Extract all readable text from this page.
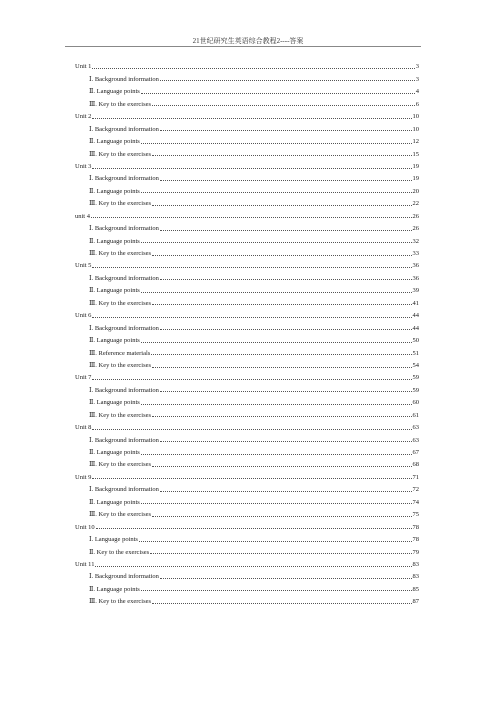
21世纪研究生英语综合教程2----答案
Unit 1	3
Ⅰ. Background information	3
Ⅱ. Language points	4
Ⅲ. Key to the exercises	6
Unit 2	10
Ⅰ. Background information	10
Ⅱ. Language points	12
Ⅲ. Key to the exercises	15
Unit 3	19
Ⅰ. Background information	19
Ⅱ. Language points	20
Ⅲ. Key to the exercises	22
unit 4	26
Ⅰ. Background information	26
Ⅱ. Language points	32
Ⅲ. Key to the exercises	33
Unit 5	36
Ⅰ. Background information	36
Ⅱ. Language points	39
Ⅲ. Key to the exercises	41
Unit 6	44
Ⅰ. Background information	44
Ⅱ. Language points	50
Ⅲ. Reference materials	51
Ⅲ. Key to the exercises	54
Unit 7	59
Ⅰ. Background information	59
Ⅱ. Language points	60
Ⅲ. Key to the exercises	61
Unit 8	63
Ⅰ. Background information	63
Ⅱ. Language points	67
Ⅲ. Key to the exercises	68
Unit 9	71
Ⅰ. Background information	72
Ⅱ. Language points	74
Ⅲ. Key to the exercises	75
Unit 10	78
Ⅰ. Language points	78
Ⅱ. Key to the exercises	79
Unit 11	83
Ⅰ. Background information	83
Ⅱ. Language points	85
Ⅲ. Key to the exercises	87
